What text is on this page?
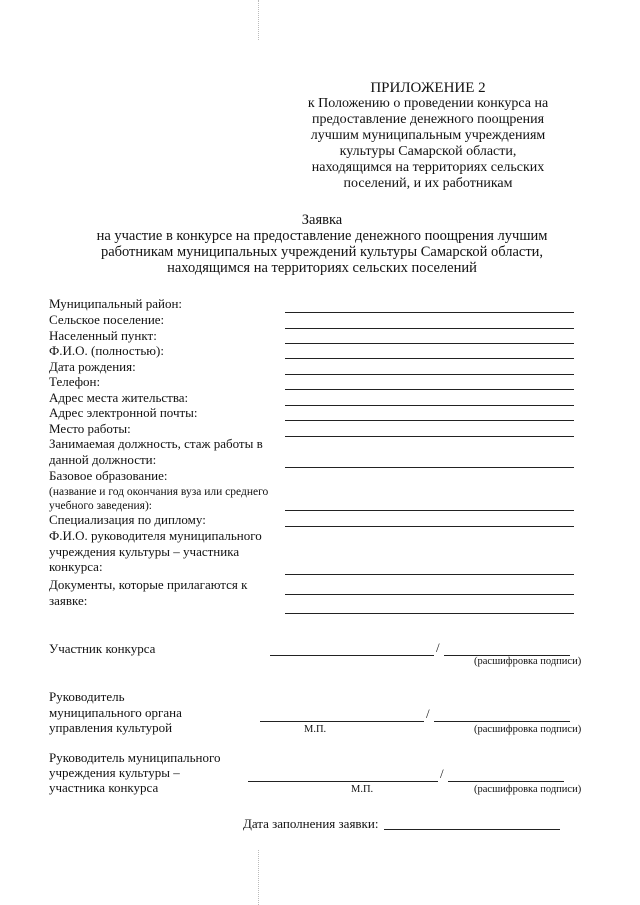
ПРИЛОЖЕНИЕ 2
к Положению о проведении конкурса на
предоставление денежного поощрения
лучшим муниципальным учреждениям
культуры Самарской области,
находящимся на территориях сельских
поселений, и их работникам
Заявка
на участие в конкурсе на предоставление денежного поощрения лучшим
работникам муниципальных учреждений культуры Самарской области,
находящимся на территориях сельских поселений
Муниципальный район:
Сельское поселение:
Населенный пункт:
Ф.И.О. (полностью):
Дата рождения:
Телефон:
Адрес места жительства:
Адрес электронной почты:
Место работы:
Занимаемая должность, стаж работы в
данной должности:
Базовое образование:
(название и год окончания вуза или среднего
учебного заведения):
Специализация по диплому:
Ф.И.О. руководителя муниципального
учреждения культуры – участника
конкурса:
Документы, которые прилагаются к
заявке:
Участник конкурса	/
(расшифровка подписи)
Руководитель
муниципального органа
управления культурой
/
М.П.	(расшифровка подписи)
Руководитель муниципального
учреждения культуры –
участника конкурса
/
М.П.	(расшифровка подписи)
Дата заполнения заявки:
